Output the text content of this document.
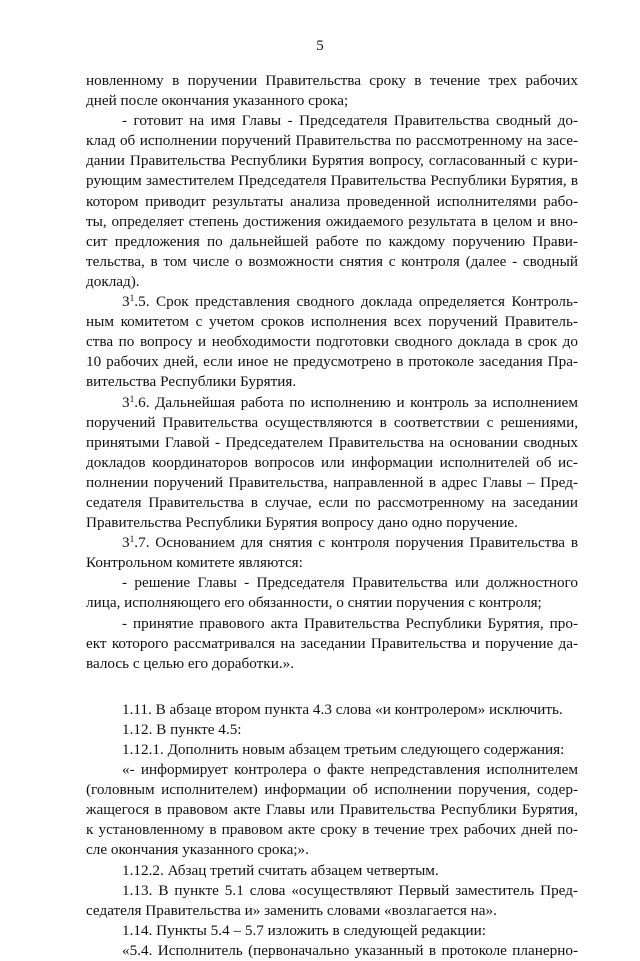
5
новленному в поручении Правительства сроку в течение трех рабочих
дней после окончания указанного срока;
- готовит на имя Главы - Председателя Правительства сводный до-
клад об исполнении поручений Правительства по рассмотренному на засе-
дании Правительства Республики Бурятия вопросу, согласованный с кури-
рующим заместителем Председателя Правительства Республики Бурятия, в
котором приводит результаты анализа проведенной исполнителями рабо-
ты, определяет степень достижения ожидаемого результата в целом и вно-
сит предложения по дальнейшей работе по каждому поручению Прави-
тельства, в том числе о возможности снятия с контроля (далее - сводный
доклад).
$3^1.5$. Срок представления сводного доклада определяется Контроль-
ным комитетом с учетом сроков исполнения всех поручений Правитель-
ства по вопросу и необходимости подготовки сводного доклада в срок до
10 рабочих дней, если иное не предусмотрено в протоколе заседания Пра-
вительства Республики Бурятия.
$3^1.6$. Дальнейшая работа по исполнению и контроль за исполнением
поручений Правительства осуществляются в соответствии с решениями,
принятыми Главой - Председателем Правительства на основании сводных
докладов координаторов вопросов или информации исполнителей об ис-
полнении поручений Правительства, направленной в адрес Главы – Пред-
седателя Правительства в случае, если по рассмотренному на заседании
Правительства Республики Бурятия вопросу дано одно поручение.
$3^1.7$. Основанием для снятия с контроля поручения Правительства в
Контрольном комитете являются:
- решение Главы - Председателя Правительства или должностного
лица, исполняющего его обязанности, о снятии поручения с контроля;
- принятие правового акта Правительства Республики Бурятия, про-
ект которого рассматривался на заседании Правительства и поручение да-
валось с целью его доработки.».
1.11. В абзаце втором пункта 4.3 слова «и контролером» исключить.
1.12. В пункте 4.5:
1.12.1. Дополнить новым абзацем третьим следующего содержания:
«- информирует контролера о факте непредставления исполнителем
(головным исполнителем) информации об исполнении поручения, содер-
жащегося в правовом акте Главы или Правительства Республики Бурятия,
к установленному в правовом акте сроку в течение трех рабочих дней по-
сле окончания указанного срока;».
1.12.2. Абзац третий считать абзацем четвертым.
1.13. В пункте 5.1 слова «осуществляют Первый заместитель Пред-
седателя Правительства и» заменить словами «возлагается на».
1.14. Пункты 5.4 – 5.7 изложить в следующей редакции:
«5.4. Исполнитель (первоначально указанный в протоколе планерно-
